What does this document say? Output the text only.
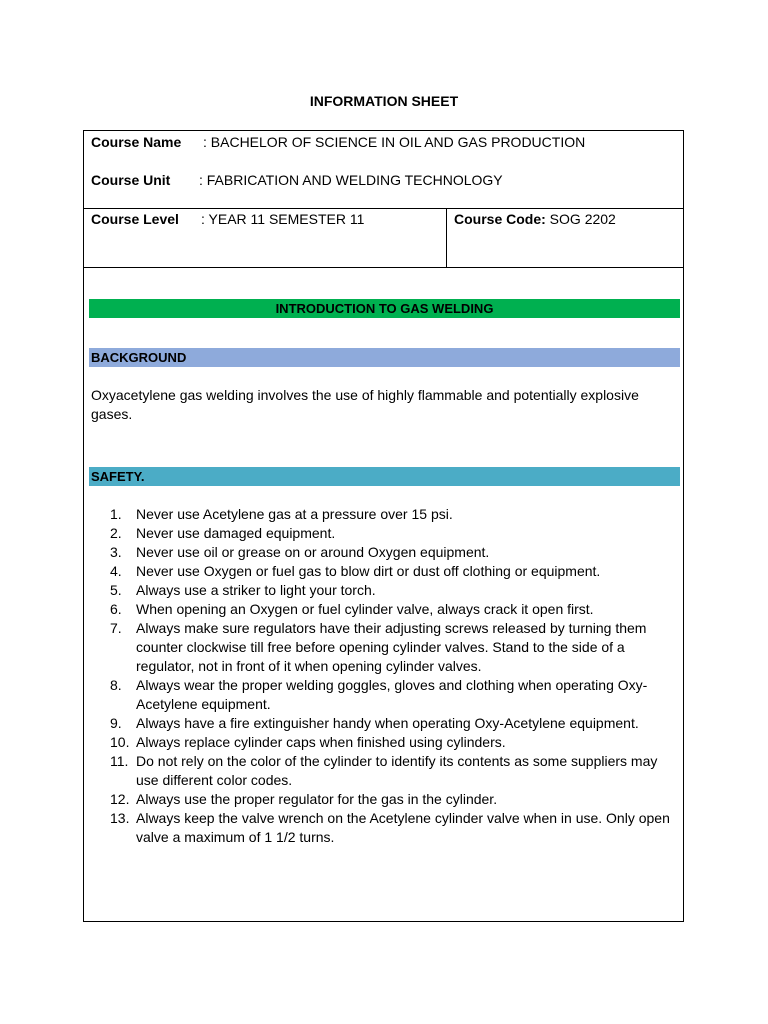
INFORMATION SHEET
Course Name : BACHELOR OF SCIENCE IN OIL AND GAS PRODUCTION
Course Unit : FABRICATION AND WELDING TECHNOLOGY
Course Level : YEAR 11 SEMESTER 11	Course Code: SOG 2202
INTRODUCTION TO GAS WELDING
BACKGROUND
Oxyacetylene gas welding involves the use of highly flammable and potentially explosive gases.
SAFETY.
1. Never use Acetylene gas at a pressure over 15 psi.
2. Never use damaged equipment.
3. Never use oil or grease on or around Oxygen equipment.
4. Never use Oxygen or fuel gas to blow dirt or dust off clothing or equipment.
5. Always use a striker to light your torch.
6. When opening an Oxygen or fuel cylinder valve, always crack it open first.
7. Always make sure regulators have their adjusting screws released by turning them counter clockwise till free before opening cylinder valves. Stand to the side of a regulator, not in front of it when opening cylinder valves.
8. Always wear the proper welding goggles, gloves and clothing when operating Oxy-Acetylene equipment.
9. Always have a fire extinguisher handy when operating Oxy-Acetylene equipment.
10. Always replace cylinder caps when finished using cylinders.
11. Do not rely on the color of the cylinder to identify its contents as some suppliers may use different color codes.
12. Always use the proper regulator for the gas in the cylinder.
13. Always keep the valve wrench on the Acetylene cylinder valve when in use. Only open valve a maximum of 1 1/2 turns.
